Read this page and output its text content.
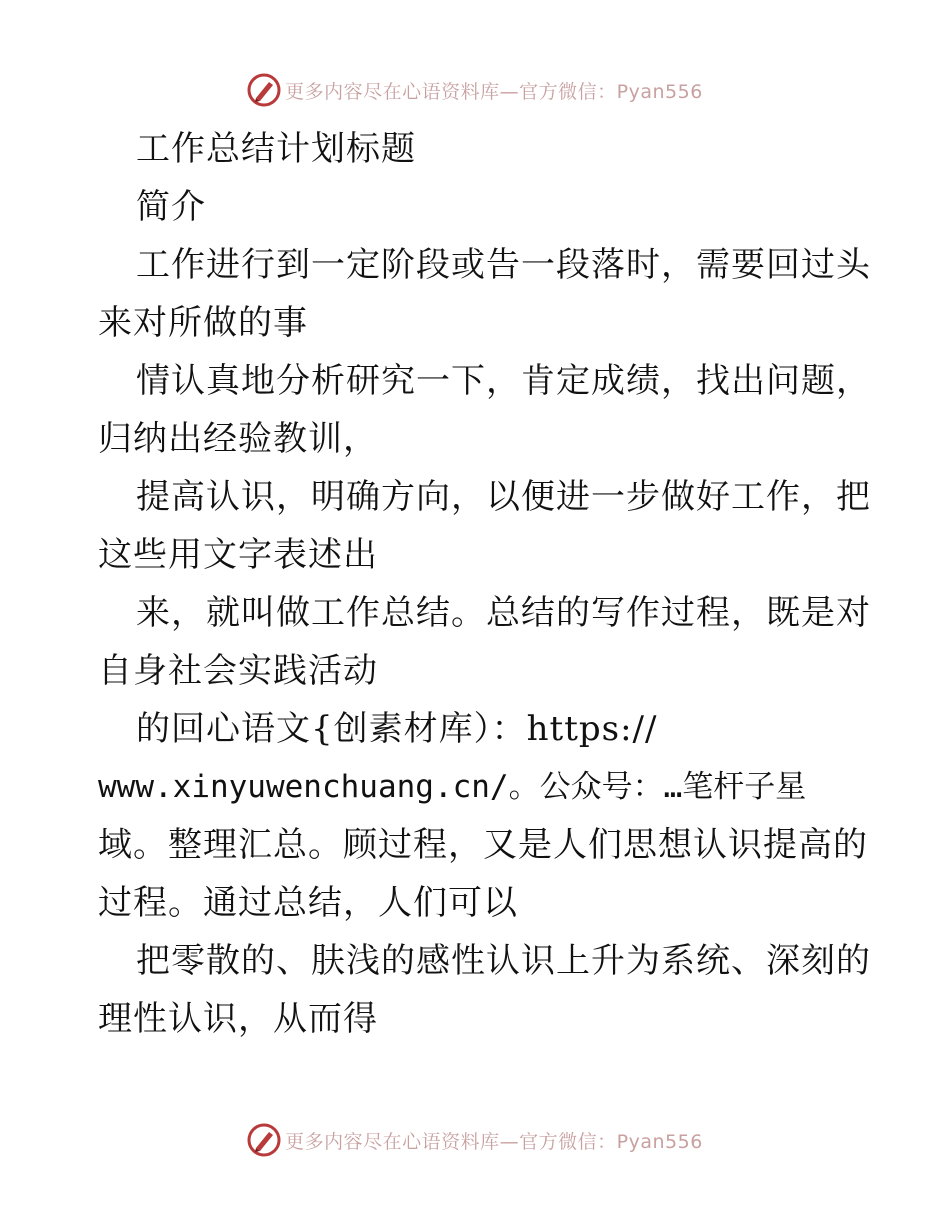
更多内容尽在心语资料库—官方微信：Pyan556
工作总结计划标题
简介
工作进行到一定阶段或告一段落时，需要回过头
来对所做的事
情认真地分析研究一下，肯定成绩，找出问题，
归纳出经验教训，
提高认识，明确方向，以便进一步做好工作，把
这些用文字表述出
来，就叫做工作总结。总结的写作过程，既是对
自身社会实践活动
的回心语文{创素材库）：https://
www.xinyuwenchuang.cn/。公众号：…笔杆子星
域。整理汇总。顾过程，又是人们思想认识提高的
过程。通过总结，人们可以
把零散的、肤浅的感性认识上升为系统、深刻的
理性认识，从而得
更多内容尽在心语资料库—官方微信：Pyan556
